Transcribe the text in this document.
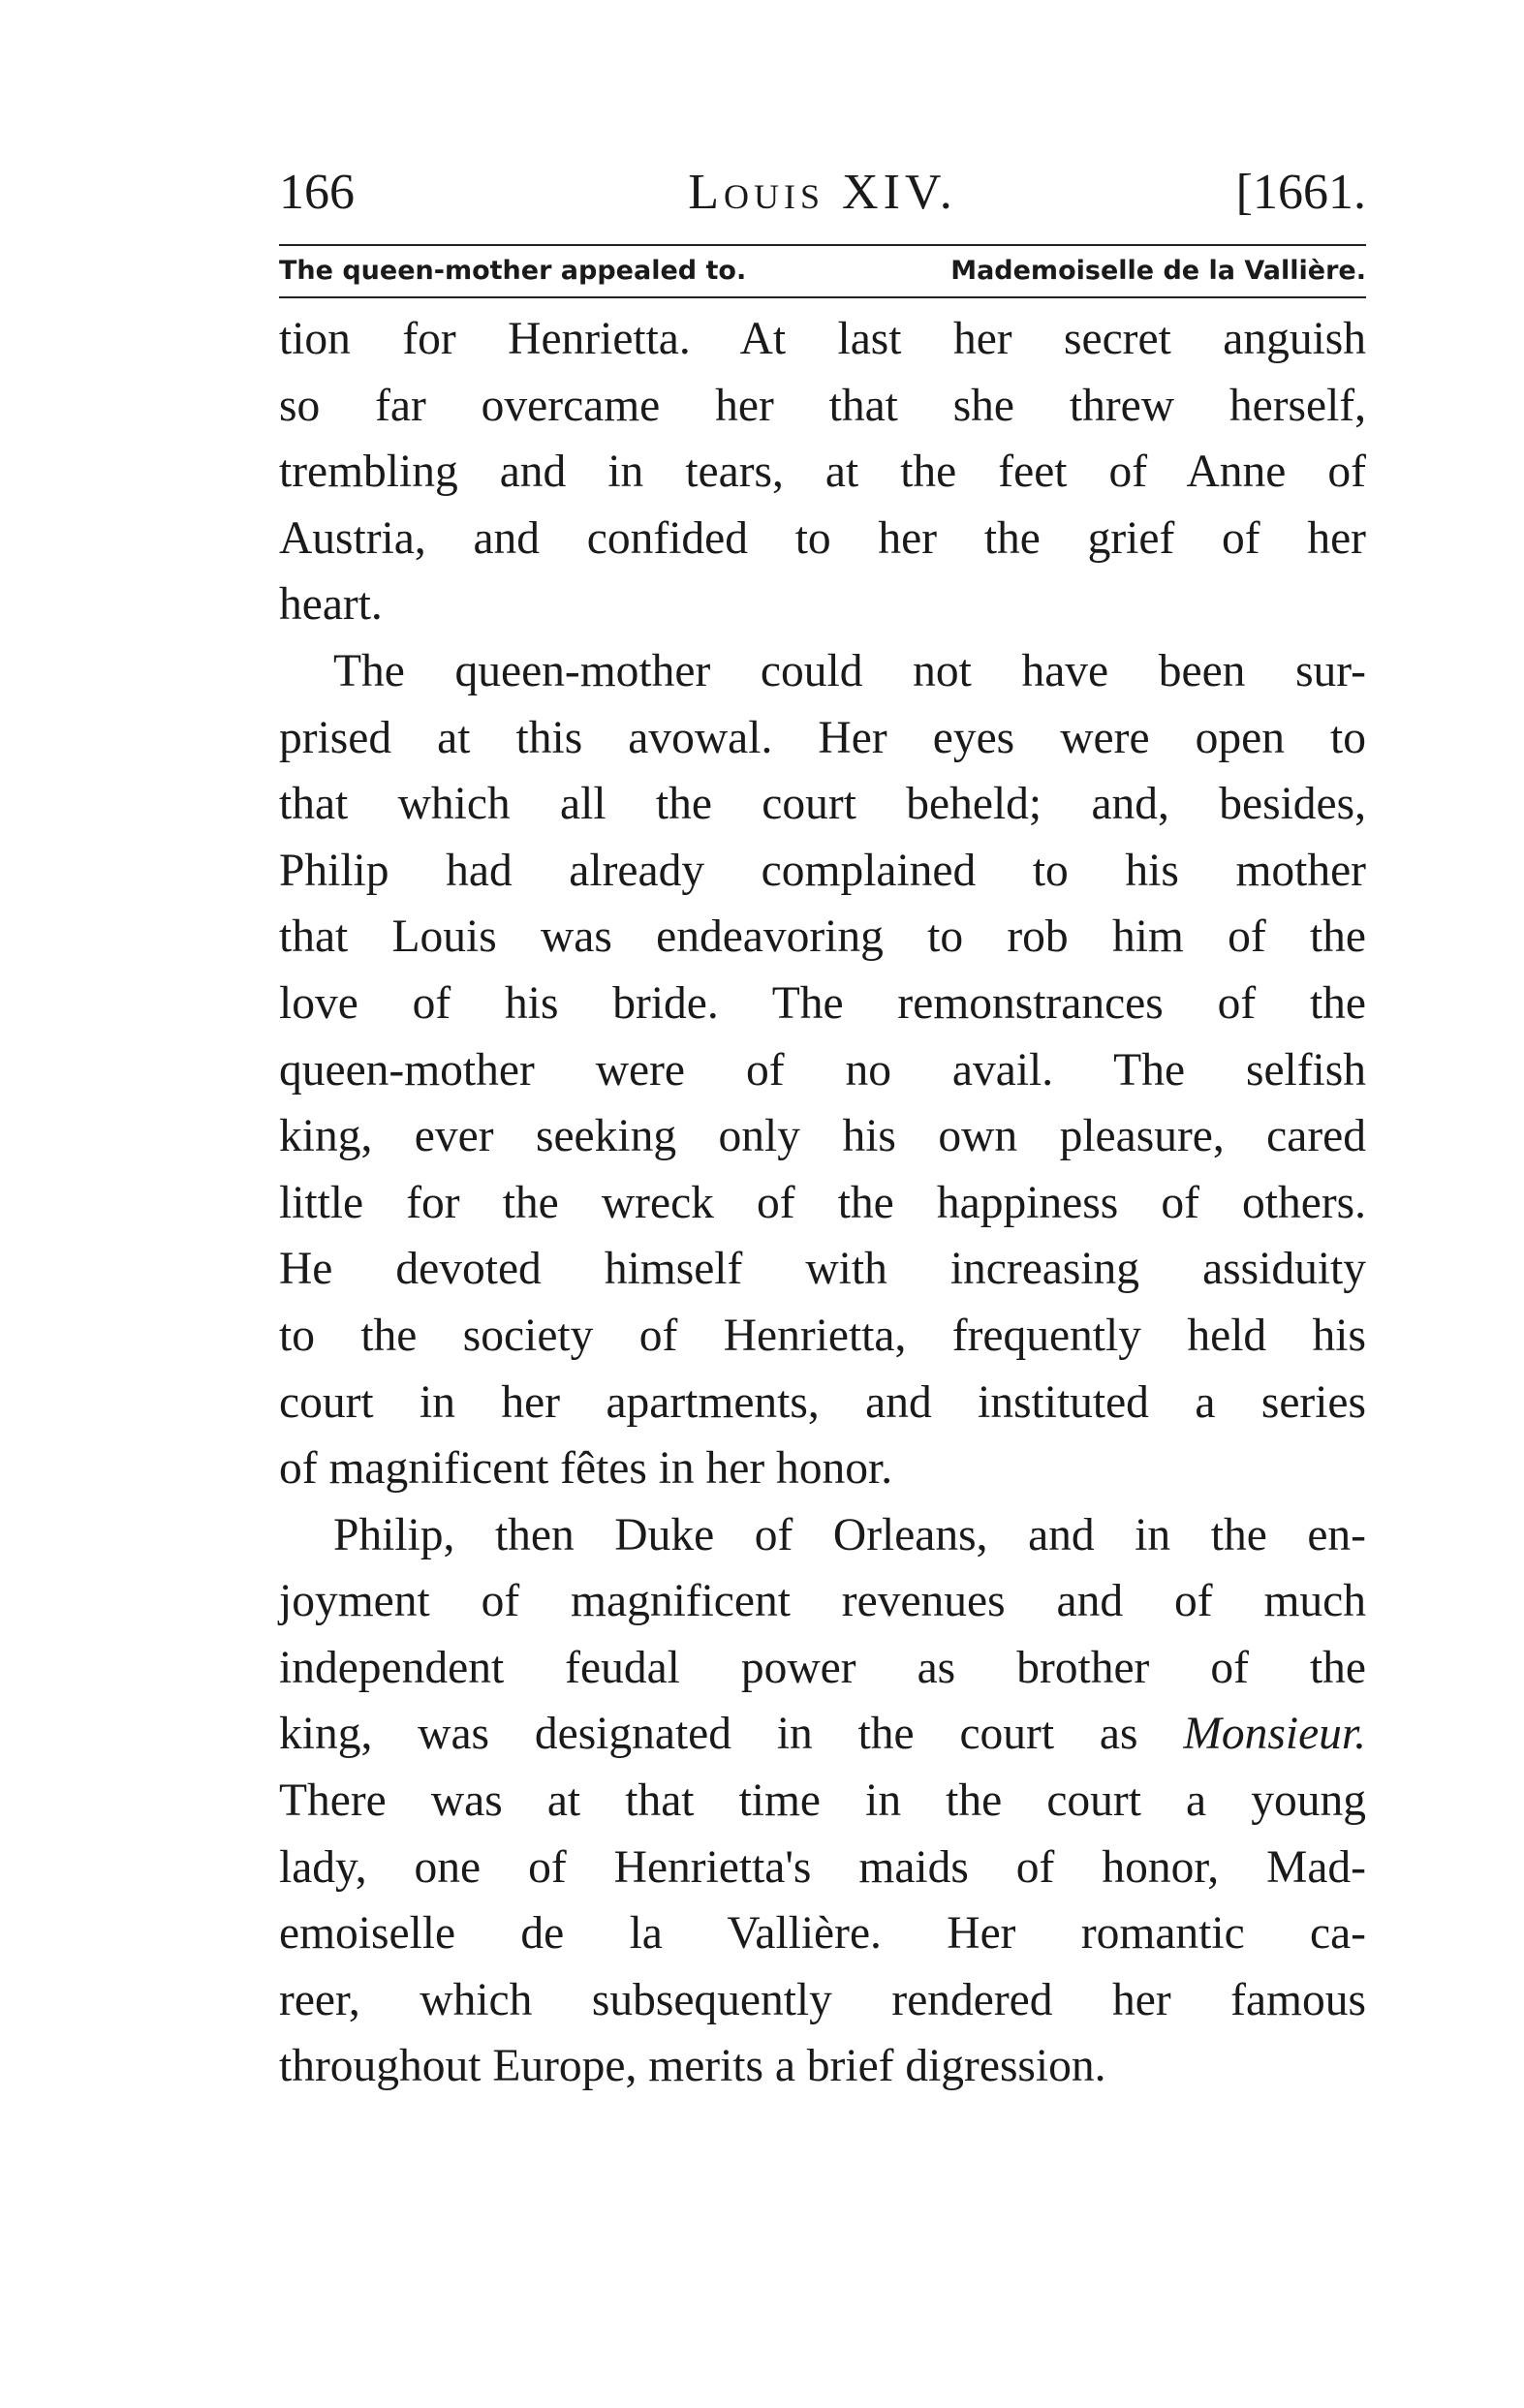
166	Louis XIV.	[1661.
The queen-mother appealed to.	Mademoiselle de la Vallière.
tion for Henrietta. At last her secret anguish
so far overcame her that she threw herself,
trembling and in tears, at the feet of Anne of
Austria, and confided to her the grief of her
heart.
The queen-mother could not have been sur-
prised at this avowal. Her eyes were open to
that which all the court beheld; and, besides,
Philip had already complained to his mother
that Louis was endeavoring to rob him of the
love of his bride. The remonstrances of the
queen-mother were of no avail. The selfish
king, ever seeking only his own pleasure, cared
little for the wreck of the happiness of others.
He devoted himself with increasing assiduity
to the society of Henrietta, frequently held his
court in her apartments, and instituted a series
of magnificent fêtes in her honor.
Philip, then Duke of Orleans, and in the en-
joyment of magnificent revenues and of much
independent feudal power as brother of the
king, was designated in the court as Monsieur.
There was at that time in the court a young
lady, one of Henrietta's maids of honor, Mad-
emoiselle de la Vallière. Her romantic ca-
reer, which subsequently rendered her famous
throughout Europe, merits a brief digression.
